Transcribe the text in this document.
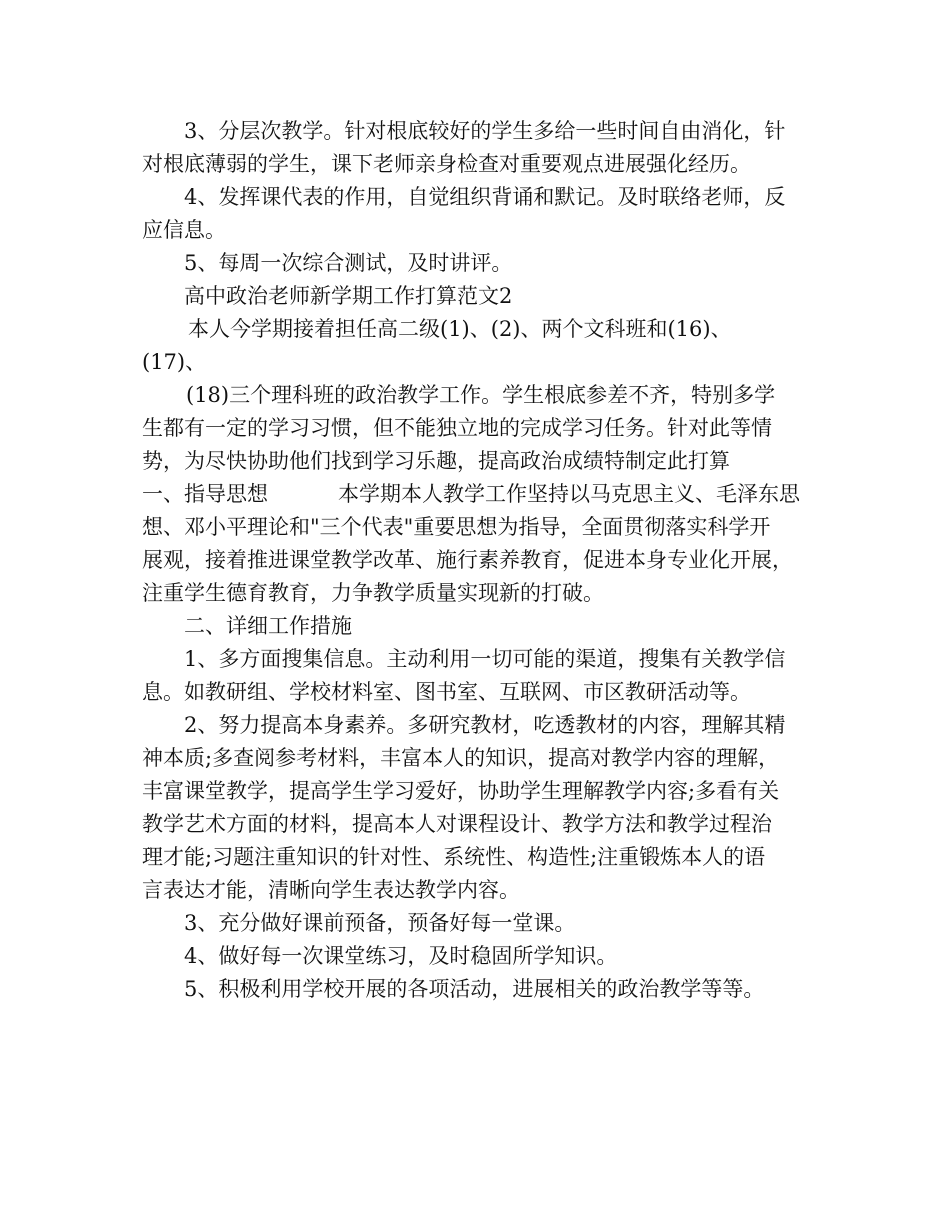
3、分层次教学。针对根底较好的学生多给一些时间自由消化，针
对根底薄弱的学生，课下老师亲身检查对重要观点进展强化经历。
4、发挥课代表的作用，自觉组织背诵和默记。及时联络老师，反
应信息。
5、每周一次综合测试，及时讲评。
高中政治老师新学期工作打算范文2
本人今学期接着担任高二级(1)、(2)、两个文科班和(16)、
(17)、
(18)三个理科班的政治教学工作。学生根底参差不齐，特别多学
生都有一定的学习习惯，但不能独立地的完成学习任务。针对此等情
势，为尽快协助他们找到学习乐趣，提高政治成绩特制定此打算
一、指导思想	本学期本人教学工作坚持以马克思主义、毛泽东思
想、邓小平理论和"三个代表"重要思想为指导，全面贯彻落实科学开
展观，接着推进课堂教学改革、施行素养教育，促进本身专业化开展，
注重学生德育教育，力争教学质量实现新的打破。
二、详细工作措施
1、多方面搜集信息。主动利用一切可能的渠道，搜集有关教学信
息。如教研组、学校材料室、图书室、互联网、市区教研活动等。
2、努力提高本身素养。多研究教材，吃透教材的内容，理解其精
神本质;多查阅参考材料，丰富本人的知识，提高对教学内容的理解，
丰富课堂教学，提高学生学习爱好，协助学生理解教学内容;多看有关
教学艺术方面的材料，提高本人对课程设计、教学方法和教学过程治
理才能;习题注重知识的针对性、系统性、构造性;注重锻炼本人的语
言表达才能，清晰向学生表达教学内容。
3、充分做好课前预备，预备好每一堂课。
4、做好每一次课堂练习，及时稳固所学知识。
5、积极利用学校开展的各项活动，进展相关的政治教学等等。
